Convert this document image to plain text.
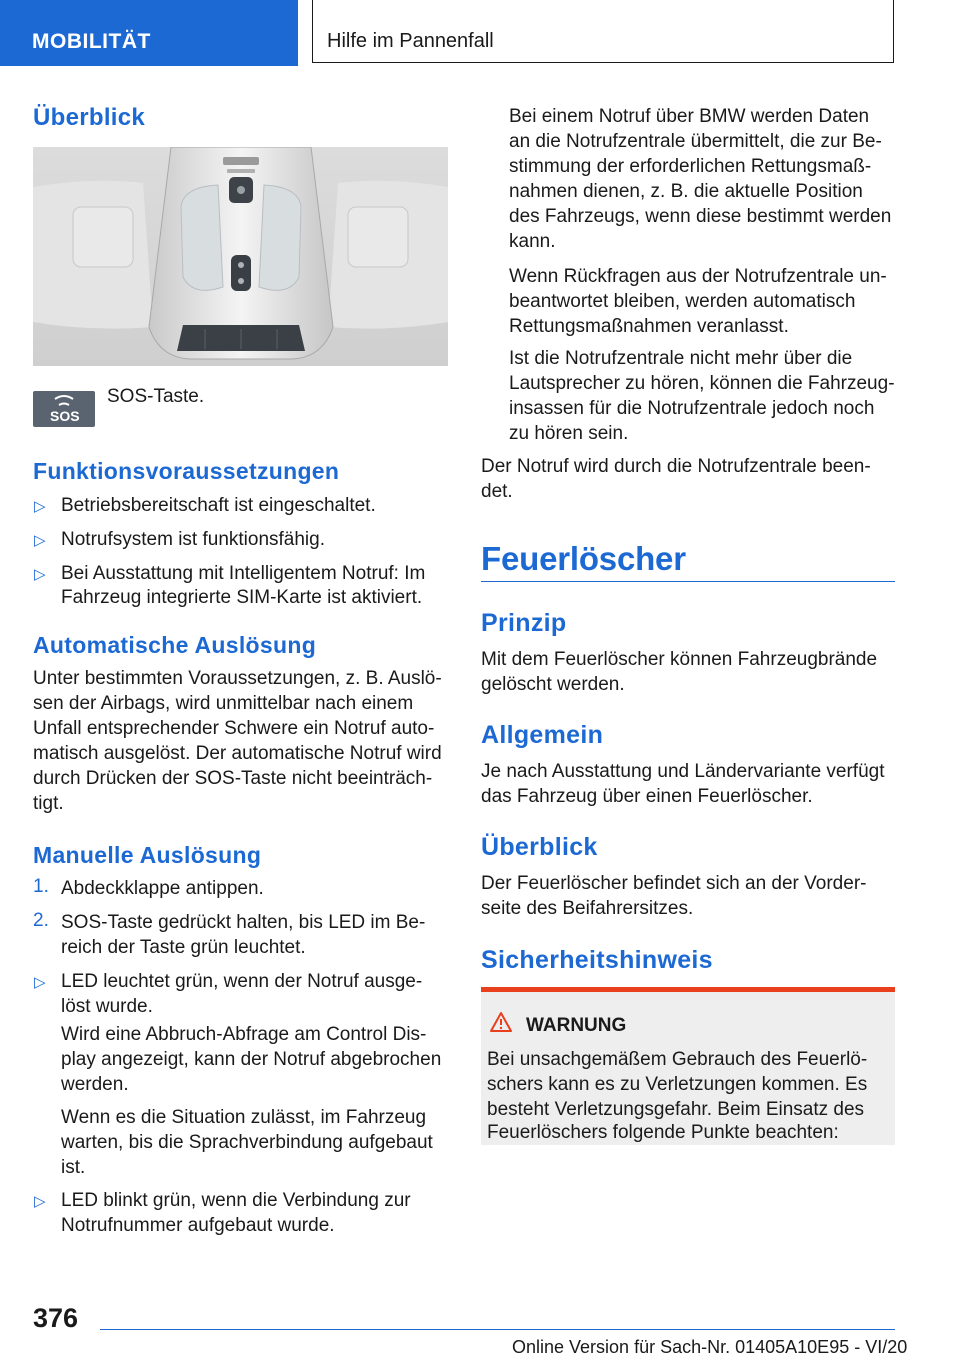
MOBILITÄT	Hilfe im Pannenfall
Überblick
SOS

SOS-Taste.

Funktionsvoraussetzungen
▷ Betriebsbereitschaft ist eingeschaltet.

▷ Notrufsystem ist funktionsfähig.

▷ Bei Ausstattung mit Intelligentem Notruf: Im

Fahrzeug integrierte SIM-Karte ist aktiviert.

Automatische Auslösung

Unter bestimmten Voraussetzungen, z. B. Auslö-

sen der Airbags, wird unmittelbar nach einem

Unfall entsprechender Schwere ein Notruf auto-

matisch ausgelöst. Der automatische Notruf wird

durch Drücken der SOS-Taste nicht beeinträch-

tigt.

Manuelle Auslösung
1. Abdeckklappe antippen.

2. SOS-Taste gedrückt halten, bis LED im Be-

reich der Taste grün leuchtet.

▷ LED leuchtet grün, wenn der Notruf ausge-

löst wurde.

Wird eine Abbruch-Abfrage am Control Dis-

play angezeigt, kann der Notruf abgebrochen

werden.

Wenn es die Situation zulässt, im Fahrzeug

warten, bis die Sprachverbindung aufgebaut

ist.

▷ LED blinkt grün, wenn die Verbindung zur

Notrufnummer aufgebaut wurde.

Bei einem Notruf über BMW werden Daten

an die Notrufzentrale übermittelt, die zur Be-

stimmung der erforderlichen Rettungsmaß-

nahmen dienen, z. B. die aktuelle Position

des Fahrzeugs, wenn diese bestimmt werden

kann.

Wenn Rückfragen aus der Notrufzentrale un-

beantwortet bleiben, werden automatisch

Rettungsmaßnahmen veranlasst.

Ist die Notrufzentrale nicht mehr über die

Lautsprecher zu hören, können die Fahrzeug-

insassen für die Notrufzentrale jedoch noch

zu hören sein.

Der Notruf wird durch die Notrufzentrale been-

det.

Feuerlöscher
Prinzip

Mit dem Feuerlöscher können Fahrzeugbrände

gelöscht werden.

Allgemein

Je nach Ausstattung und Ländervariante verfügt

das Fahrzeug über einen Feuerlöscher.

Überblick

Der Feuerlöscher befindet sich an der Vorder-

seite des Beifahrersitzes.

Sicherheitshinweis
WARNUNG

Bei unsachgemäßem Gebrauch des Feuerlö-

schers kann es zu Verletzungen kommen. Es

besteht Verletzungsgefahr. Beim Einsatz des

Feuerlöschers folgende Punkte beachten:

376
Online Version für Sach-Nr. 01405A10E95 - VI/20
